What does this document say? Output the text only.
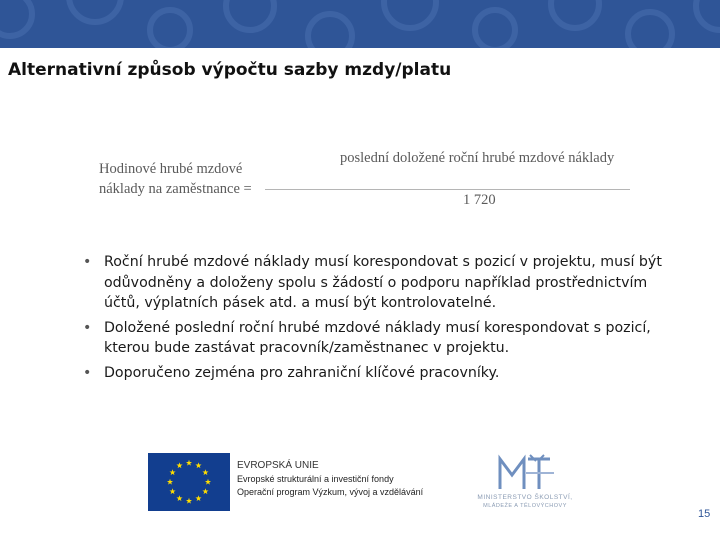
Alternativní způsob výpočtu sazby mzdy/platu
Hodinové hrubé mzdové
náklady na zaměstnance =
poslední doložené roční hrubé mzdové náklady
1 720
• Roční hrubé mzdové náklady musí korespondovat s pozicí v projektu, musí být odůvodněny a doloženy spolu s žádostí o podporu například prostřednictvím účtů, výplatních pásek atd. a musí být kontrolovatelné.
• Doložené poslední roční hrubé mzdové náklady musí korespondovat s pozicí, kterou bude zastávat pracovník/zaměstnanec v projektu.
• Doporučeno zejména pro zahraniční klíčové pracovníky.
EVROPSKÁ UNIE
Evropské strukturální a investiční fondy
Operační program Výzkum, vývoj a vzdělávání
MINISTERSTVO ŠKOLSTVÍ,
MLÁDEŽE A TĚLOVÝCHOVY
15
